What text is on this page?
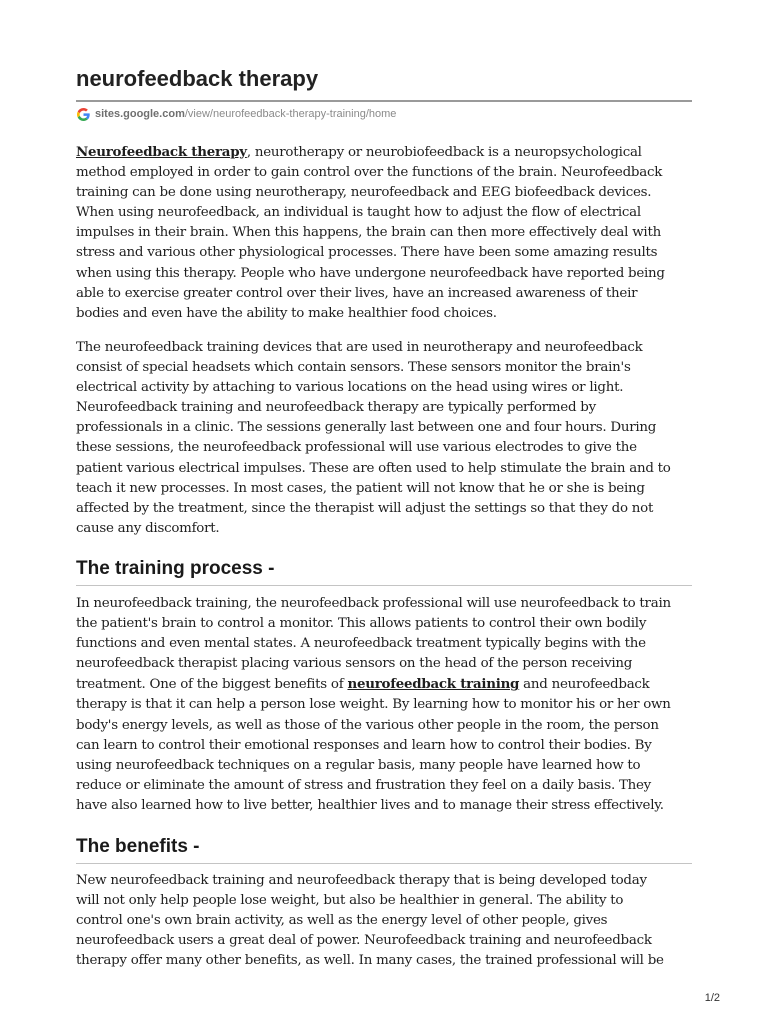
neurofeedback therapy
sites.google.com /view/neurofeedback-therapy-training/home
Neurofeedback therapy, neurotherapy or neurobiofeedback is a neuropsychological
method employed in order to gain control over the functions of the brain. Neurofeedback
training can be done using neurotherapy, neurofeedback and EEG biofeedback devices.
When using neurofeedback, an individual is taught how to adjust the flow of electrical
impulses in their brain. When this happens, the brain can then more effectively deal with
stress and various other physiological processes. There have been some amazing results
when using this therapy. People who have undergone neurofeedback have reported being
able to exercise greater control over their lives, have an increased awareness of their
bodies and even have the ability to make healthier food choices.
The neurofeedback training devices that are used in neurotherapy and neurofeedback
consist of special headsets which contain sensors. These sensors monitor the brain's
electrical activity by attaching to various locations on the head using wires or light.
Neurofeedback training and neurofeedback therapy are typically performed by
professionals in a clinic. The sessions generally last between one and four hours. During
these sessions, the neurofeedback professional will use various electrodes to give the
patient various electrical impulses. These are often used to help stimulate the brain and to
teach it new processes. In most cases, the patient will not know that he or she is being
affected by the treatment, since the therapist will adjust the settings so that they do not
cause any discomfort.
The training process -
In neurofeedback training, the neurofeedback professional will use neurofeedback to train
the patient's brain to control a monitor. This allows patients to control their own bodily
functions and even mental states. A neurofeedback treatment typically begins with the
neurofeedback therapist placing various sensors on the head of the person receiving
treatment. One of the biggest benefits of neurofeedback training and neurofeedback
therapy is that it can help a person lose weight. By learning how to monitor his or her own
body's energy levels, as well as those of the various other people in the room, the person
can learn to control their emotional responses and learn how to control their bodies. By
using neurofeedback techniques on a regular basis, many people have learned how to
reduce or eliminate the amount of stress and frustration they feel on a daily basis. They
have also learned how to live better, healthier lives and to manage their stress effectively.
The benefits -
New neurofeedback training and neurofeedback therapy that is being developed today
will not only help people lose weight, but also be healthier in general. The ability to
control one's own brain activity, as well as the energy level of other people, gives
neurofeedback users a great deal of power. Neurofeedback training and neurofeedback
therapy offer many other benefits, as well. In many cases, the trained professional will be
1/2
